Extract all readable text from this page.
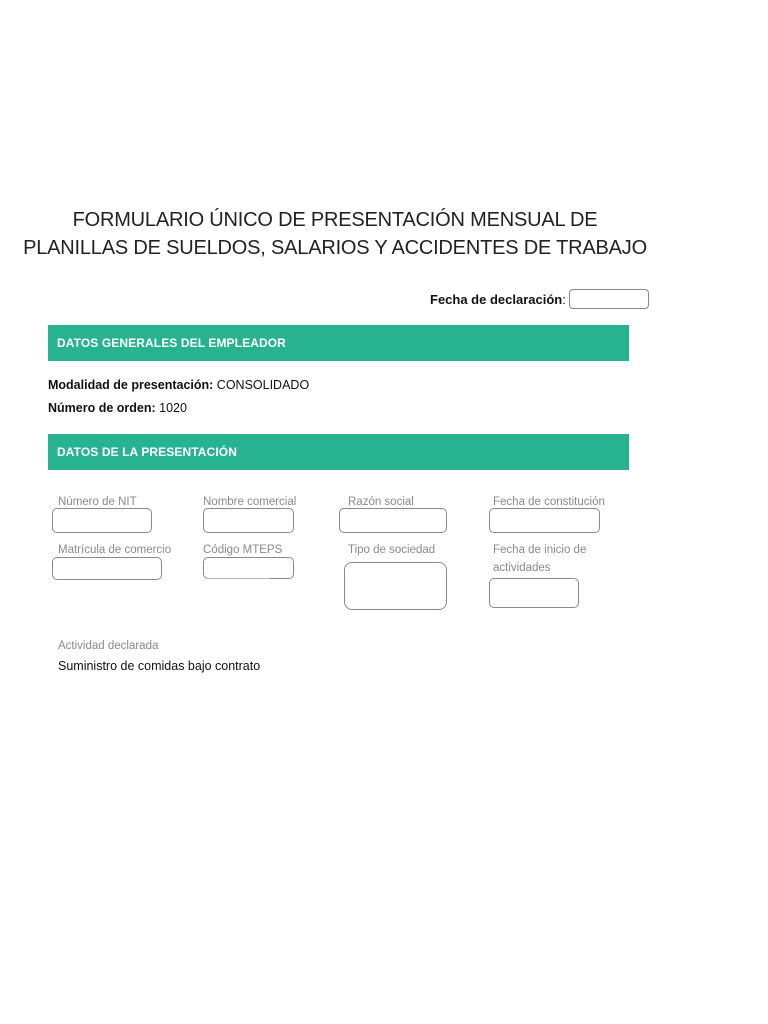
FORMULARIO ÚNICO DE PRESENTACIÓN MENSUAL DE
PLANILLAS DE SUELDOS, SALARIOS Y ACCIDENTES DE TRABAJO
Fecha de declaración :
DATOS GENERALES DEL EMPLEADOR
Modalidad de presentación: CONSOLIDADO
Número de orden: 1020
DATOS DE LA PRESENTACIÓN
Número de NIT	Nombre comercial	Razón social	Fecha de constitución
Matrícula de comercio	Código MTEPS	Tipo de sociedad	Fecha de inicio de
actividades
Actividad declarada
Suministro de comidas bajo contrato
